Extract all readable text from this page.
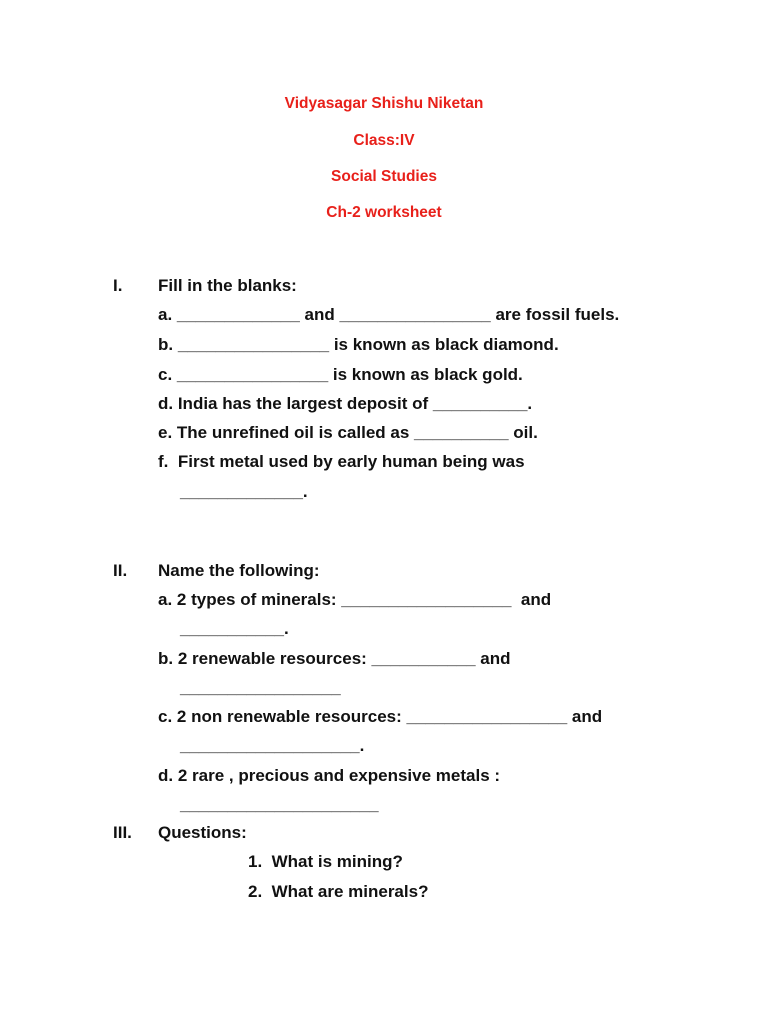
Vidyasagar Shishu Niketan
Class:IV
Social Studies
Ch-2 worksheet
I. Fill in the blanks:
a. _____________ and ________________ are fossil fuels.
b. ________________ is known as black diamond.
c. ________________ is known as black gold.
d. India has the largest deposit of __________.
e. The unrefined oil is called as __________ oil.
f.  First metal used by early human being was
_____________.
II. Name the following:
a. 2 types of minerals: __________________  and
___________.
b. 2 renewable resources: ___________ and
_________________
c. 2 non renewable resources: _________________ and
___________________.
d. 2 rare , precious and expensive metals :
_____________________
III. Questions:
1.  What is mining?
2.  What are minerals?
